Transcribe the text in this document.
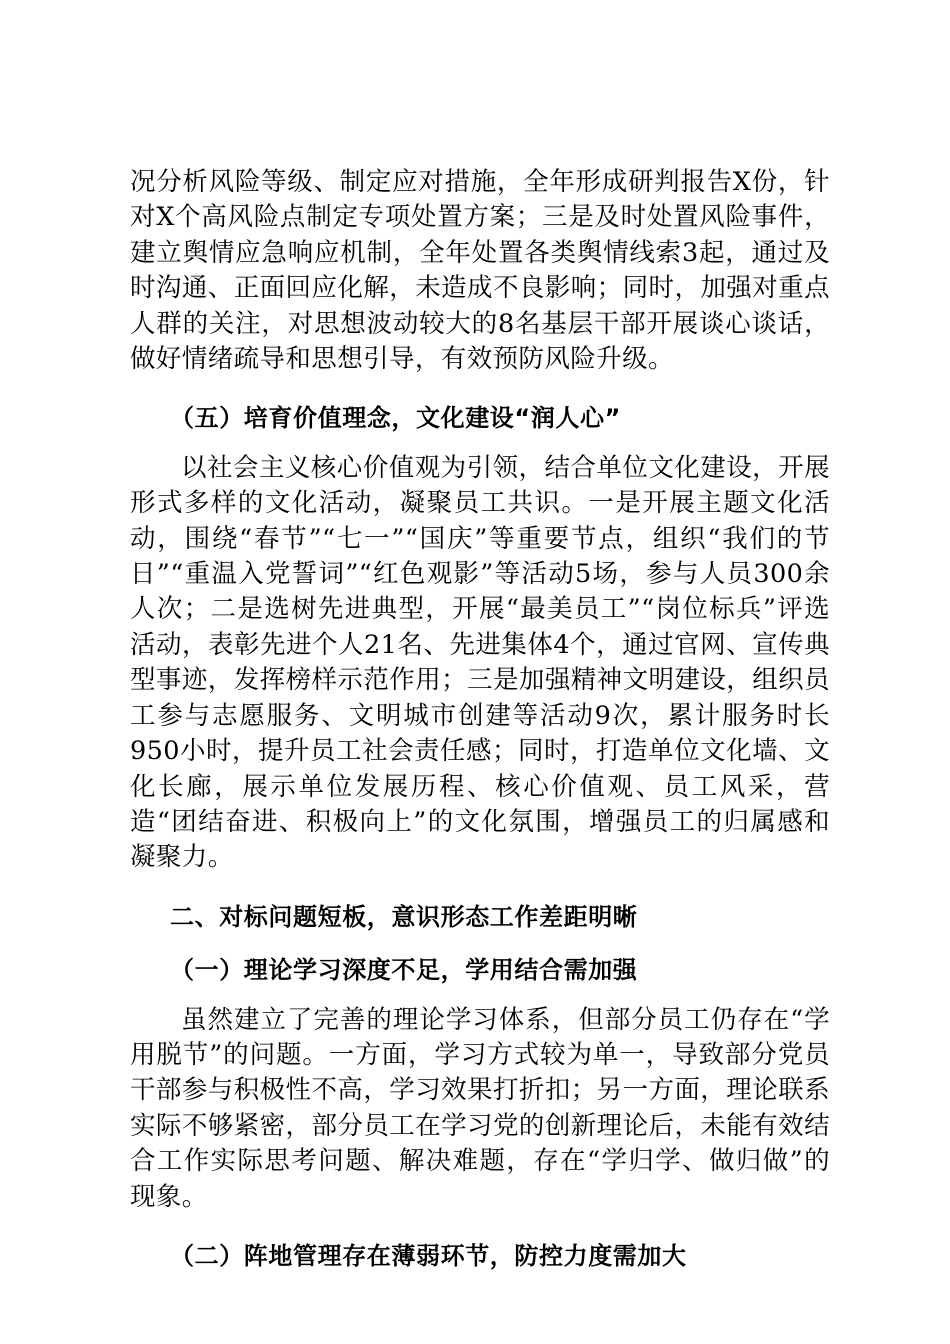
况分析风险等级、制定应对措施，全年形成研判报告X份，针对X个高风险点制定专项处置方案；三是及时处置风险事件，建立舆情应急响应机制，全年处置各类舆情线索3起，通过及时沟通、正面回应化解，未造成不良影响；同时，加强对重点人群的关注，对思想波动较大的8名基层干部开展谈心谈话，做好情绪疏导和思想引导，有效预防风险升级。

（五）培育价值理念，文化建设“润人心”

以社会主义核心价值观为引领，结合单位文化建设，开展形式多样的文化活动，凝聚员工共识。一是开展主题文化活动，围绕“春节”“七一”“国庆”等重要节点，组织“我们的节日”“重温入党誓词”“红色观影”等活动5场，参与人员300余人次；二是选树先进典型，开展“最美员工”“岗位标兵”评选活动，表彰先进个人21名、先进集体4个，通过官网、宣传典型事迹，发挥榜样示范作用；三是加强精神文明建设，组织员工参与志愿服务、文明城市创建等活动9次，累计服务时长950小时，提升员工社会责任感；同时，打造单位文化墙、文化长廊，展示单位发展历程、核心价值观、员工风采，营造“团结奋进、积极向上”的文化氛围，增强员工的归属感和凝聚力。

二、对标问题短板，意识形态工作差距明晰
（一）理论学习深度不足，学用结合需加强

虽然建立了完善的理论学习体系，但部分员工仍存在“学用脱节”的问题。一方面，学习方式较为单一，导致部分党员干部参与积极性不高，学习效果打折扣；另一方面，理论联系实际不够紧密，部分员工在学习党的创新理论后，未能有效结合工作实际思考问题、解决难题，存在“学归学、做归做”的现象。

（二）阵地管理存在薄弱环节，防控力度需加大
